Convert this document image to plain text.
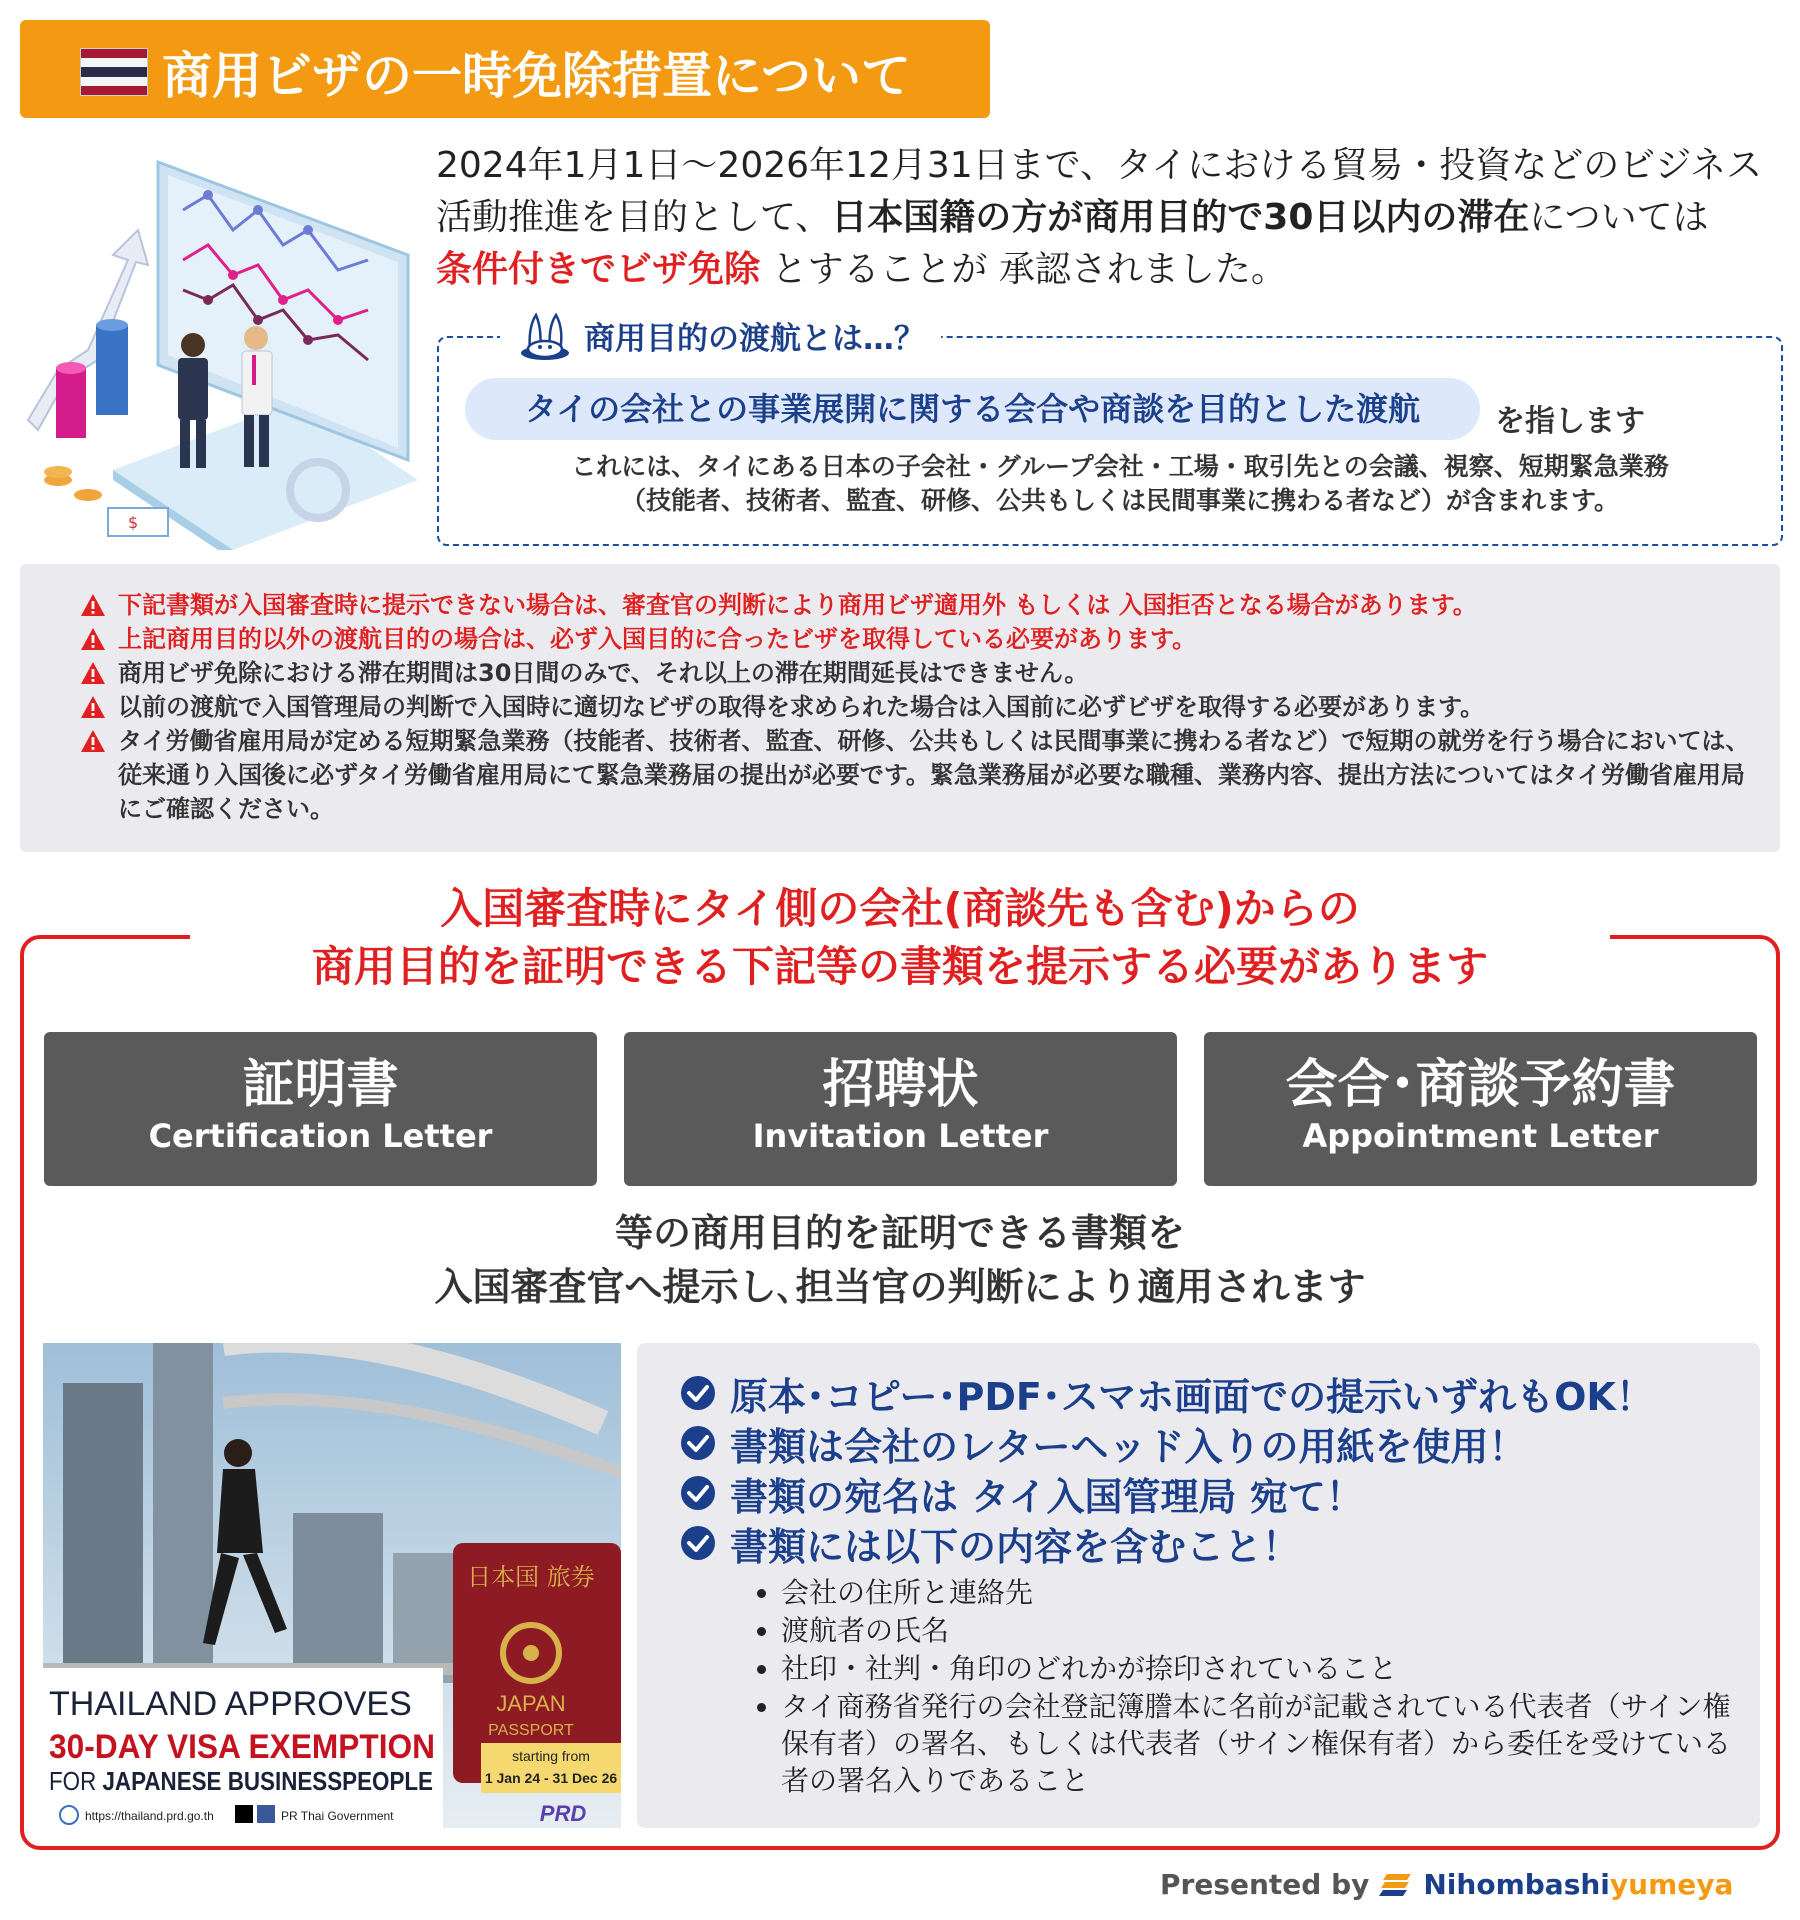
商用ビザの一時免除措置について
$
2024年1月1日〜2026年12月31日まで、タイにおける貿易・投資などのビジネス活動推進を目的として、日本国籍の方が商用目的で30日以内の滞在については
条件付きでビザ免除 とすることが 承認されました。
商用目的の渡航とは…？
タイの会社との事業展開に関する会合や商談を目的とした渡航	を指します
これには、タイにある日本の子会社・グループ会社・工場・取引先との会議、視察、短期緊急業務
（技能者、技術者、監査、研修、公共もしくは民間事業に携わる者など）が含まれます。
下記書類が入国審査時に提示できない場合は、審査官の判断により商用ビザ適用外 もしくは 入国拒否となる場合があります。
上記商用目的以外の渡航目的の場合は、必ず入国目的に合ったビザを取得している必要があります。
商用ビザ免除における滞在期間は30日間のみで、それ以上の滞在期間延長はできません。
以前の渡航で入国管理局の判断で入国時に適切なビザの取得を求められた場合は入国前に必ずビザを取得する必要があります。
タイ労働省雇用局が定める短期緊急業務（技能者、技術者、監査、研修、公共もしくは民間事業に携わる者など）で短期の就労を行う場合においては、従来通り入国後に必ずタイ労働省雇用局にて緊急業務届の提出が必要です。緊急業務届が必要な職種、業務内容、提出方法についてはタイ労働省雇用局にご確認ください。
入国審査時にタイ側の会社(商談先も含む)からの
商用目的を証明できる下記等の書類を提示する必要があります
証明書
Certification Letter
招聘状
Invitation Letter
会合･商談予約書
Appointment Letter
等の商用目的を証明できる書類を
入国審査官へ提示し､担当官の判断により適用されます
THAILAND APPROVES
30-DAY VISA EXEMPTION
FOR JAPANESE BUSINESSPEOPLE
https://thailand.prd.go.th	PR Thai Government
日本国 旅券
JAPAN
PASSPORT
starting from
1 Jan 24 - 31 Dec 26
PRD
原本･コピー･PDF･スマホ画面での提示いずれもOK！
書類は会社のレターヘッド入りの用紙を使用！
書類の宛名は タイ入国管理局 宛て！
書類には以下の内容を含むこと！
• 会社の住所と連絡先
• 渡航者の氏名
• 社印・社判・角印のどれかが捺印されていること
• タイ商務省発行の会社登記簿謄本に名前が記載されている代表者（サイン権保有者）の署名、もしくは代表者（サイン権保有者）から委任を受けている者の署名入りであること
Presented by Nihombashiyumeya
